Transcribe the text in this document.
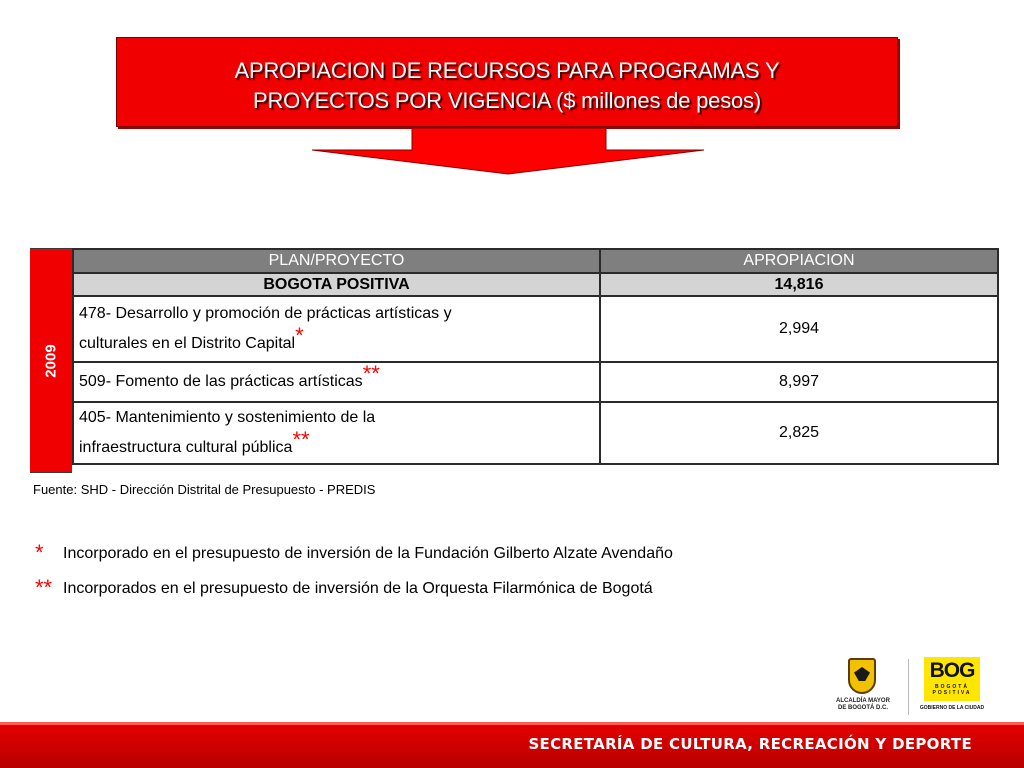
APROPIACION DE RECURSOS PARA PROGRAMAS Y
PROYECTOS POR VIGENCIA ($ millones de pesos)
2009
PLAN/PROYECTO	APROPIACION
BOGOTA POSITIVA	14,816
478- Desarrollo y promoción de prácticas artísticas y
culturales en el Distrito Capital*	2,994
509- Fomento de las prácticas artísticas**	8,997
405- Mantenimiento y sostenimiento de la
infraestructura cultural pública**	2,825
Fuente: SHD - Dirección Distrital de Presupuesto - PREDIS
* Incorporado en el presupuesto de inversión de la Fundación Gilberto Alzate Avendaño
** Incorporados en el presupuesto de inversión de la Orquesta Filarmónica de Bogotá
ALCALDÍA MAYOR
DE BOGOTÁ D.C.
BOG
BOGOTÁ
POSITIVA
GOBIERNO DE LA CIUDAD
SECRETARÍA DE CULTURA, RECREACIÓN Y DEPORTE
